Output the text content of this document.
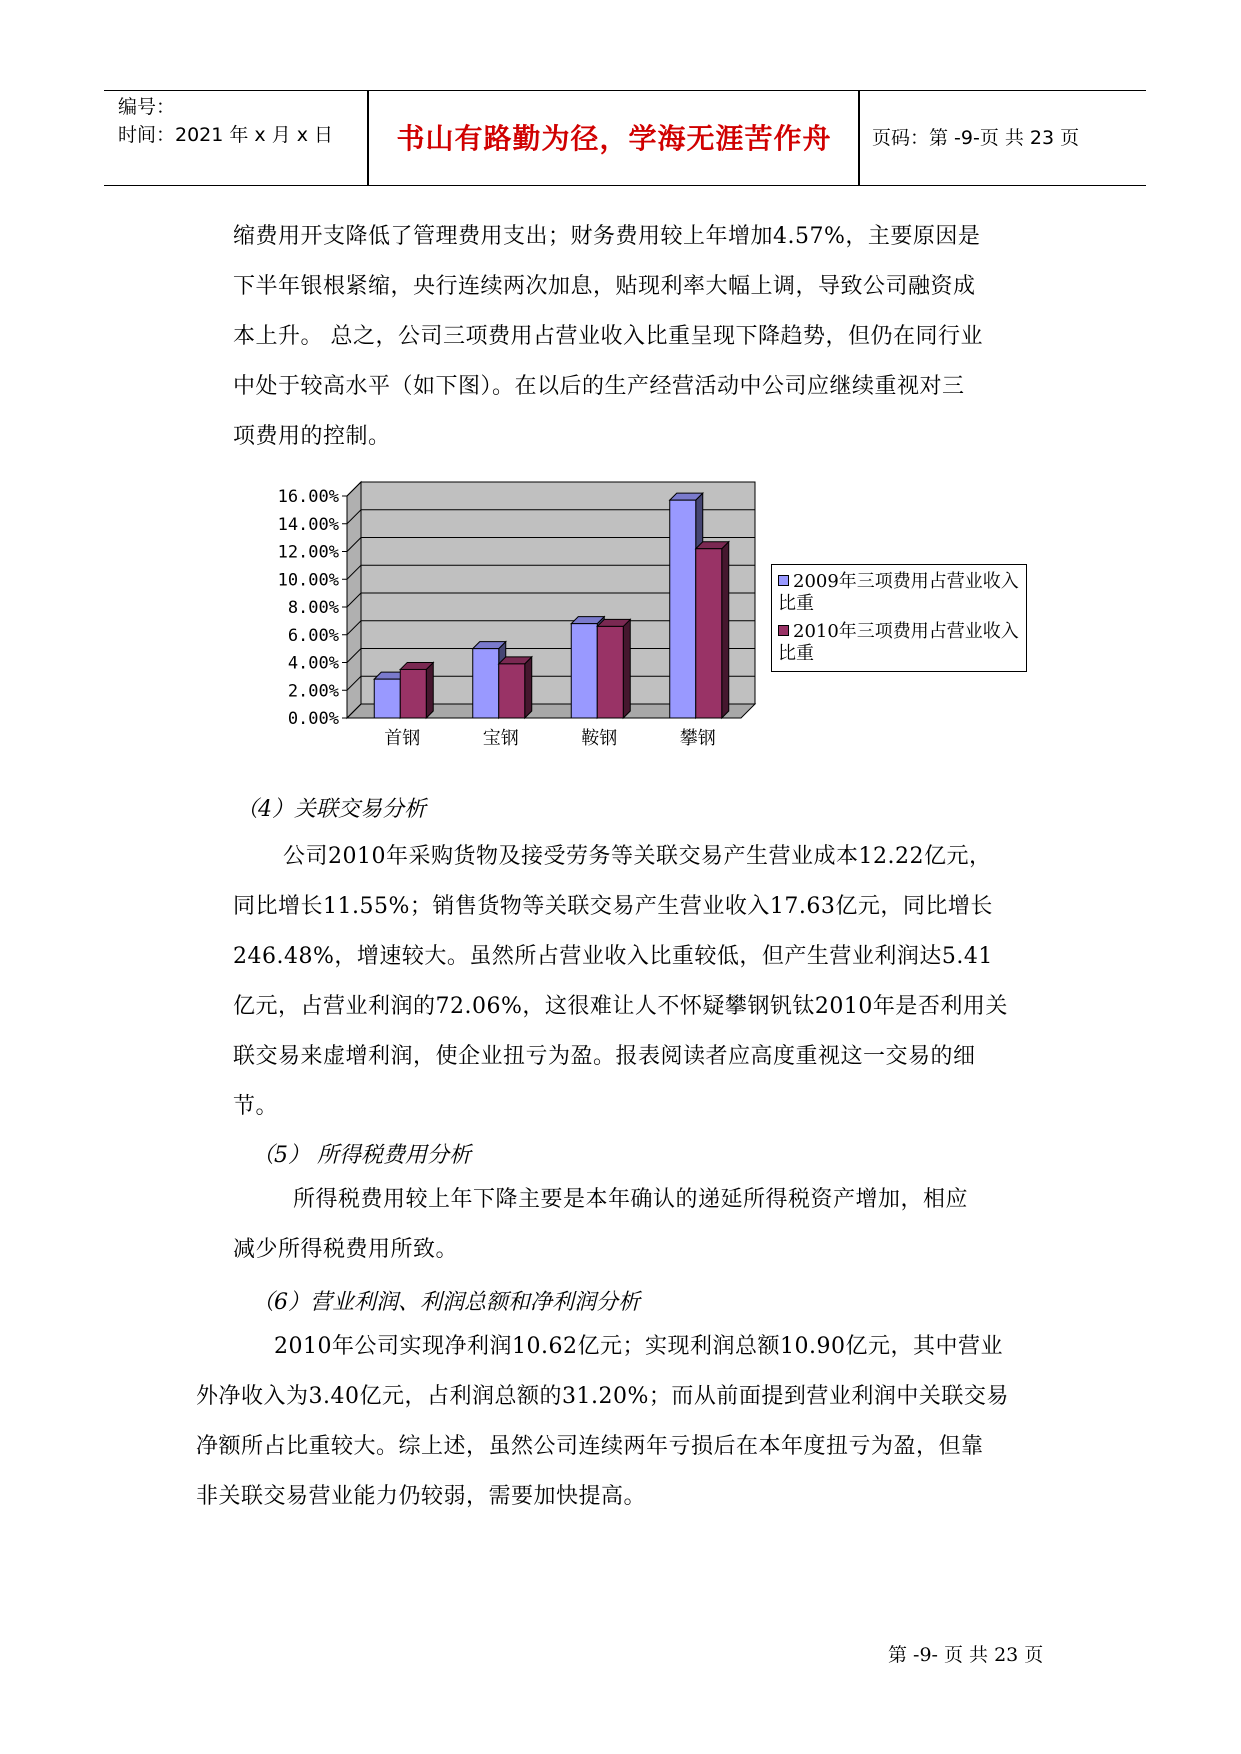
编号：
时间：2021 年 x 月 x 日	书山有路勤为径，学海无涯苦作舟	页码：第 -9-页 共 23 页
缩费用开支降低了管理费用支出；财务费用较上年增加4.57%，主要原因是
下半年银根紧缩，央行连续两次加息，贴现利率大幅上调，导致公司融资成
本上升。 总之，公司三项费用占营业收入比重呈现下降趋势，但仍在同行业
中处于较高水平（如下图）。在以后的生产经营活动中公司应继续重视对三
项费用的控制。
0.00%
2.00%
4.00%
6.00%
8.00%
10.00%
12.00%
14.00%
16.00%
首钢	宝钢	鞍钢	攀钢
2009年三项费用占营业收入比重
2010年三项费用占营业收入比重
（4）关联交易分析
公司2010年采购货物及接受劳务等关联交易产生营业成本12.22亿元，
同比增长11.55%；销售货物等关联交易产生营业收入17.63亿元，同比增长
246.48%，增速较大。虽然所占营业收入比重较低，但产生营业利润达5.41
亿元，占营业利润的72.06%，这很难让人不怀疑攀钢钒钛2010年是否利用关
联交易来虚增利润，使企业扭亏为盈。报表阅读者应高度重视这一交易的细
节。
（5） 所得税费用分析
所得税费用较上年下降主要是本年确认的递延所得税资产增加，相应
减少所得税费用所致。
（6）营业利润、利润总额和净利润分析
2010年公司实现净利润10.62亿元；实现利润总额10.90亿元，其中营业
外净收入为3.40亿元，占利润总额的31.20%；而从前面提到营业利润中关联交易
净额所占比重较大。综上述，虽然公司连续两年亏损后在本年度扭亏为盈，但靠
非关联交易营业能力仍较弱，需要加快提高。
第 -9- 页 共 23 页
